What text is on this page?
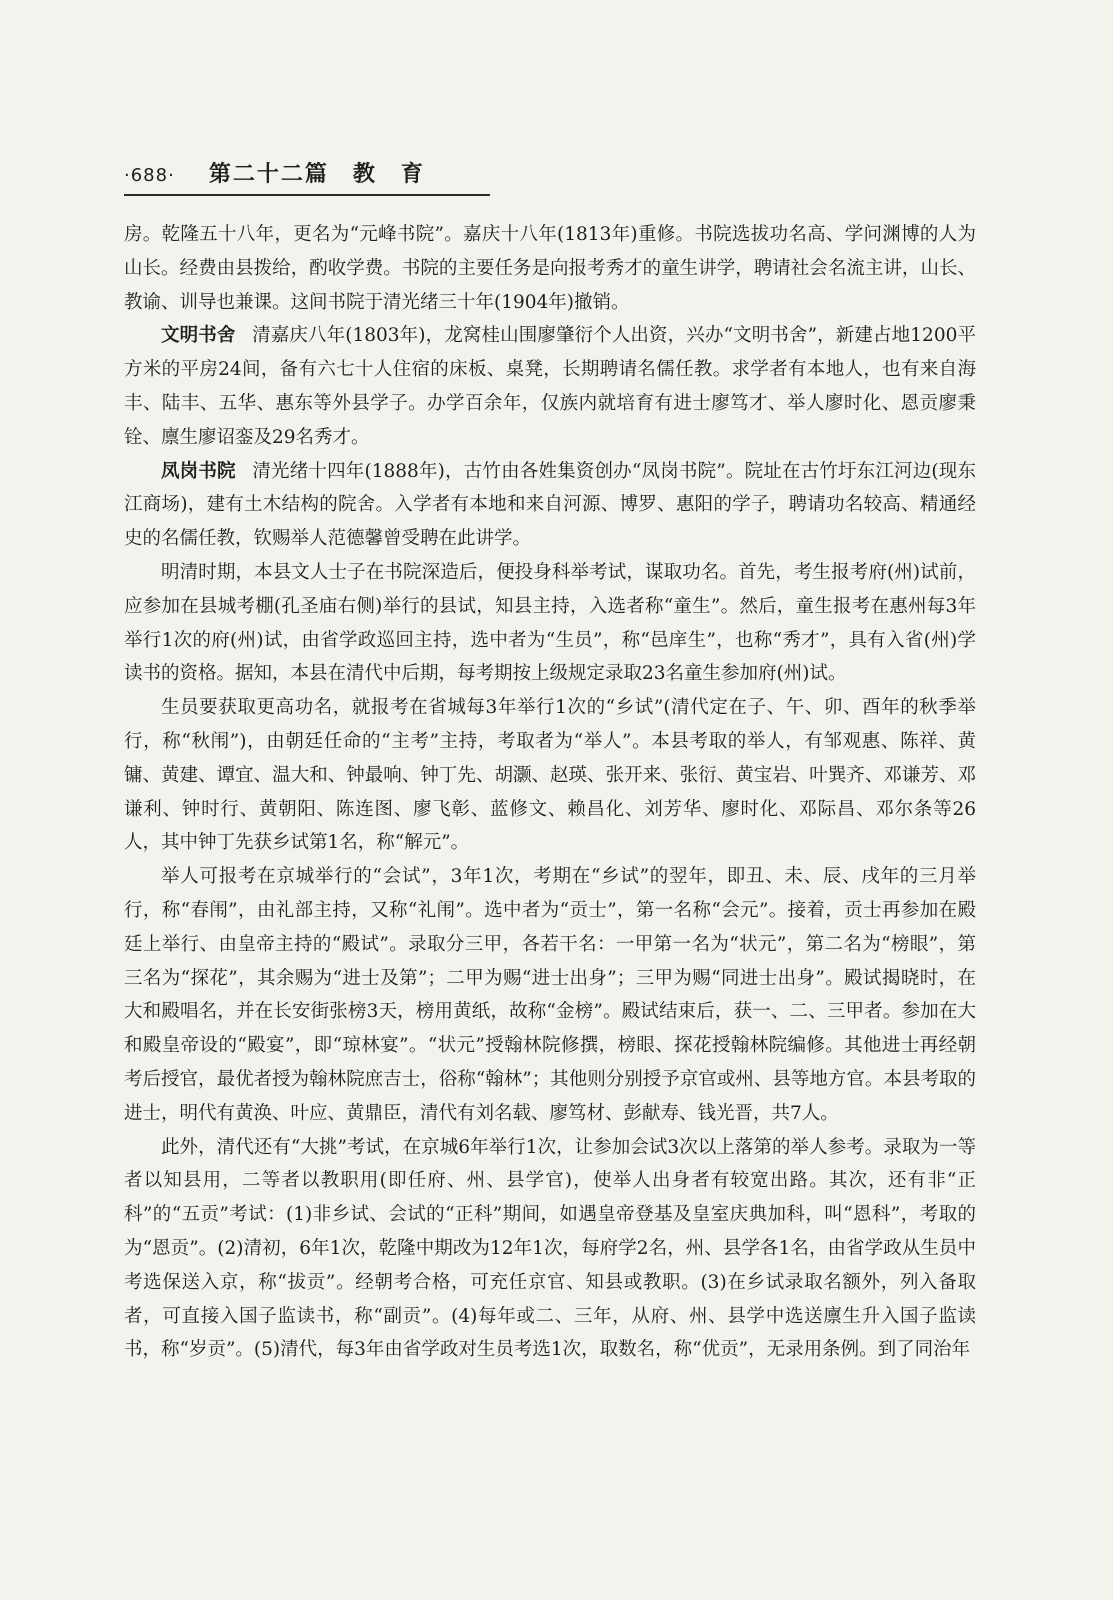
·688· 第二十二篇　教　育

房。乾隆五十八年，更名为“元峰书院”。嘉庆十八年(1813年)重修。书院选拔功名高、学问渊博的人为山长。经费由县拨给，酌收学费。书院的主要任务是向报考秀才的童生讲学，聘请社会名流主讲，山长、教谕、训导也兼课。这间书院于清光绪三十年(1904年)撤销。

文明书舍 清嘉庆八年(1803年)，龙窝桂山围廖肇衍个人出资，兴办“文明书舍”，新建占地1200平方米的平房24间，备有六七十人住宿的床板、桌凳，长期聘请名儒任教。求学者有本地人，也有来自海丰、陆丰、五华、惠东等外县学子。办学百余年，仅族内就培育有进士廖笃才、举人廖时化、恩贡廖秉铨、廪生廖诏銮及29名秀才。

凤岗书院 清光绪十四年(1888年)，古竹由各姓集资创办“凤岗书院”。院址在古竹圩东江河边(现东江商场)，建有土木结构的院舍。入学者有本地和来自河源、博罗、惠阳的学子，聘请功名较高、精通经史的名儒任教，钦赐举人范德馨曾受聘在此讲学。

明清时期，本县文人士子在书院深造后，便投身科举考试，谋取功名。首先，考生报考府(州)试前，应参加在县城考棚(孔圣庙右侧)举行的县试，知县主持，入选者称“童生”。然后，童生报考在惠州每3年举行1次的府(州)试，由省学政巡回主持，选中者为“生员”，称“邑庠生”，也称“秀才”，具有入省(州)学读书的资格。据知，本县在清代中后期，每考期按上级规定录取23名童生参加府(州)试。

生员要获取更高功名，就报考在省城每3年举行1次的“乡试”(清代定在子、午、卯、酉年的秋季举行，称“秋闱”)，由朝廷任命的“主考”主持，考取者为“举人”。本县考取的举人，有邹观惠、陈祥、黄镛、黄建、谭宜、温大和、钟最响、钟丁先、胡灏、赵瑛、张开来、张衍、黄宝岩、叶巽齐、邓谦芳、邓谦利、钟时行、黄朝阳、陈连图、廖飞彰、蓝修文、赖昌化、刘芳华、廖时化、邓际昌、邓尔条等26人，其中钟丁先获乡试第1名，称“解元”。

举人可报考在京城举行的“会试”，3年1次，考期在“乡试”的翌年，即丑、未、辰、戌年的三月举行，称“春闱”，由礼部主持，又称“礼闱”。选中者为“贡士”，第一名称“会元”。接着，贡士再参加在殿廷上举行、由皇帝主持的“殿试”。录取分三甲，各若干名：一甲第一名为“状元”，第二名为“榜眼”，第三名为“探花”，其余赐为“进士及第”；二甲为赐“进士出身”；三甲为赐“同进士出身”。殿试揭晓时，在大和殿唱名，并在长安街张榜3天，榜用黄纸，故称“金榜”。殿试结束后，获一、二、三甲者。参加在大和殿皇帝设的“殿宴”，即“琼林宴”。“状元”授翰林院修撰，榜眼、探花授翰林院编修。其他进士再经朝考后授官，最优者授为翰林院庶吉士，俗称“翰林”；其他则分别授予京官或州、县等地方官。本县考取的进士，明代有黄涣、叶应、黄鼎臣，清代有刘名载、廖笃材、彭献寿、钱光晋，共7人。

此外，清代还有“大挑”考试，在京城6年举行1次，让参加会试3次以上落第的举人参考。录取为一等者以知县用，二等者以教职用(即任府、州、县学官)，使举人出身者有较宽出路。其次，还有非“正科”的“五贡”考试：(1)非乡试、会试的“正科”期间，如遇皇帝登基及皇室庆典加科，叫“恩科”，考取的为“恩贡”。(2)清初，6年1次，乾隆中期改为12年1次，每府学2名，州、县学各1名，由省学政从生员中考选保送入京，称“拔贡”。经朝考合格，可充任京官、知县或教职。(3)在乡试录取名额外，列入备取者，可直接入国子监读书，称“副贡”。(4)每年或二、三年，从府、州、县学中选送廪生升入国子监读书，称“岁贡”。(5)清代，每3年由省学政对生员考选1次，取数名，称“优贡”，无录用条例。到了同治年
